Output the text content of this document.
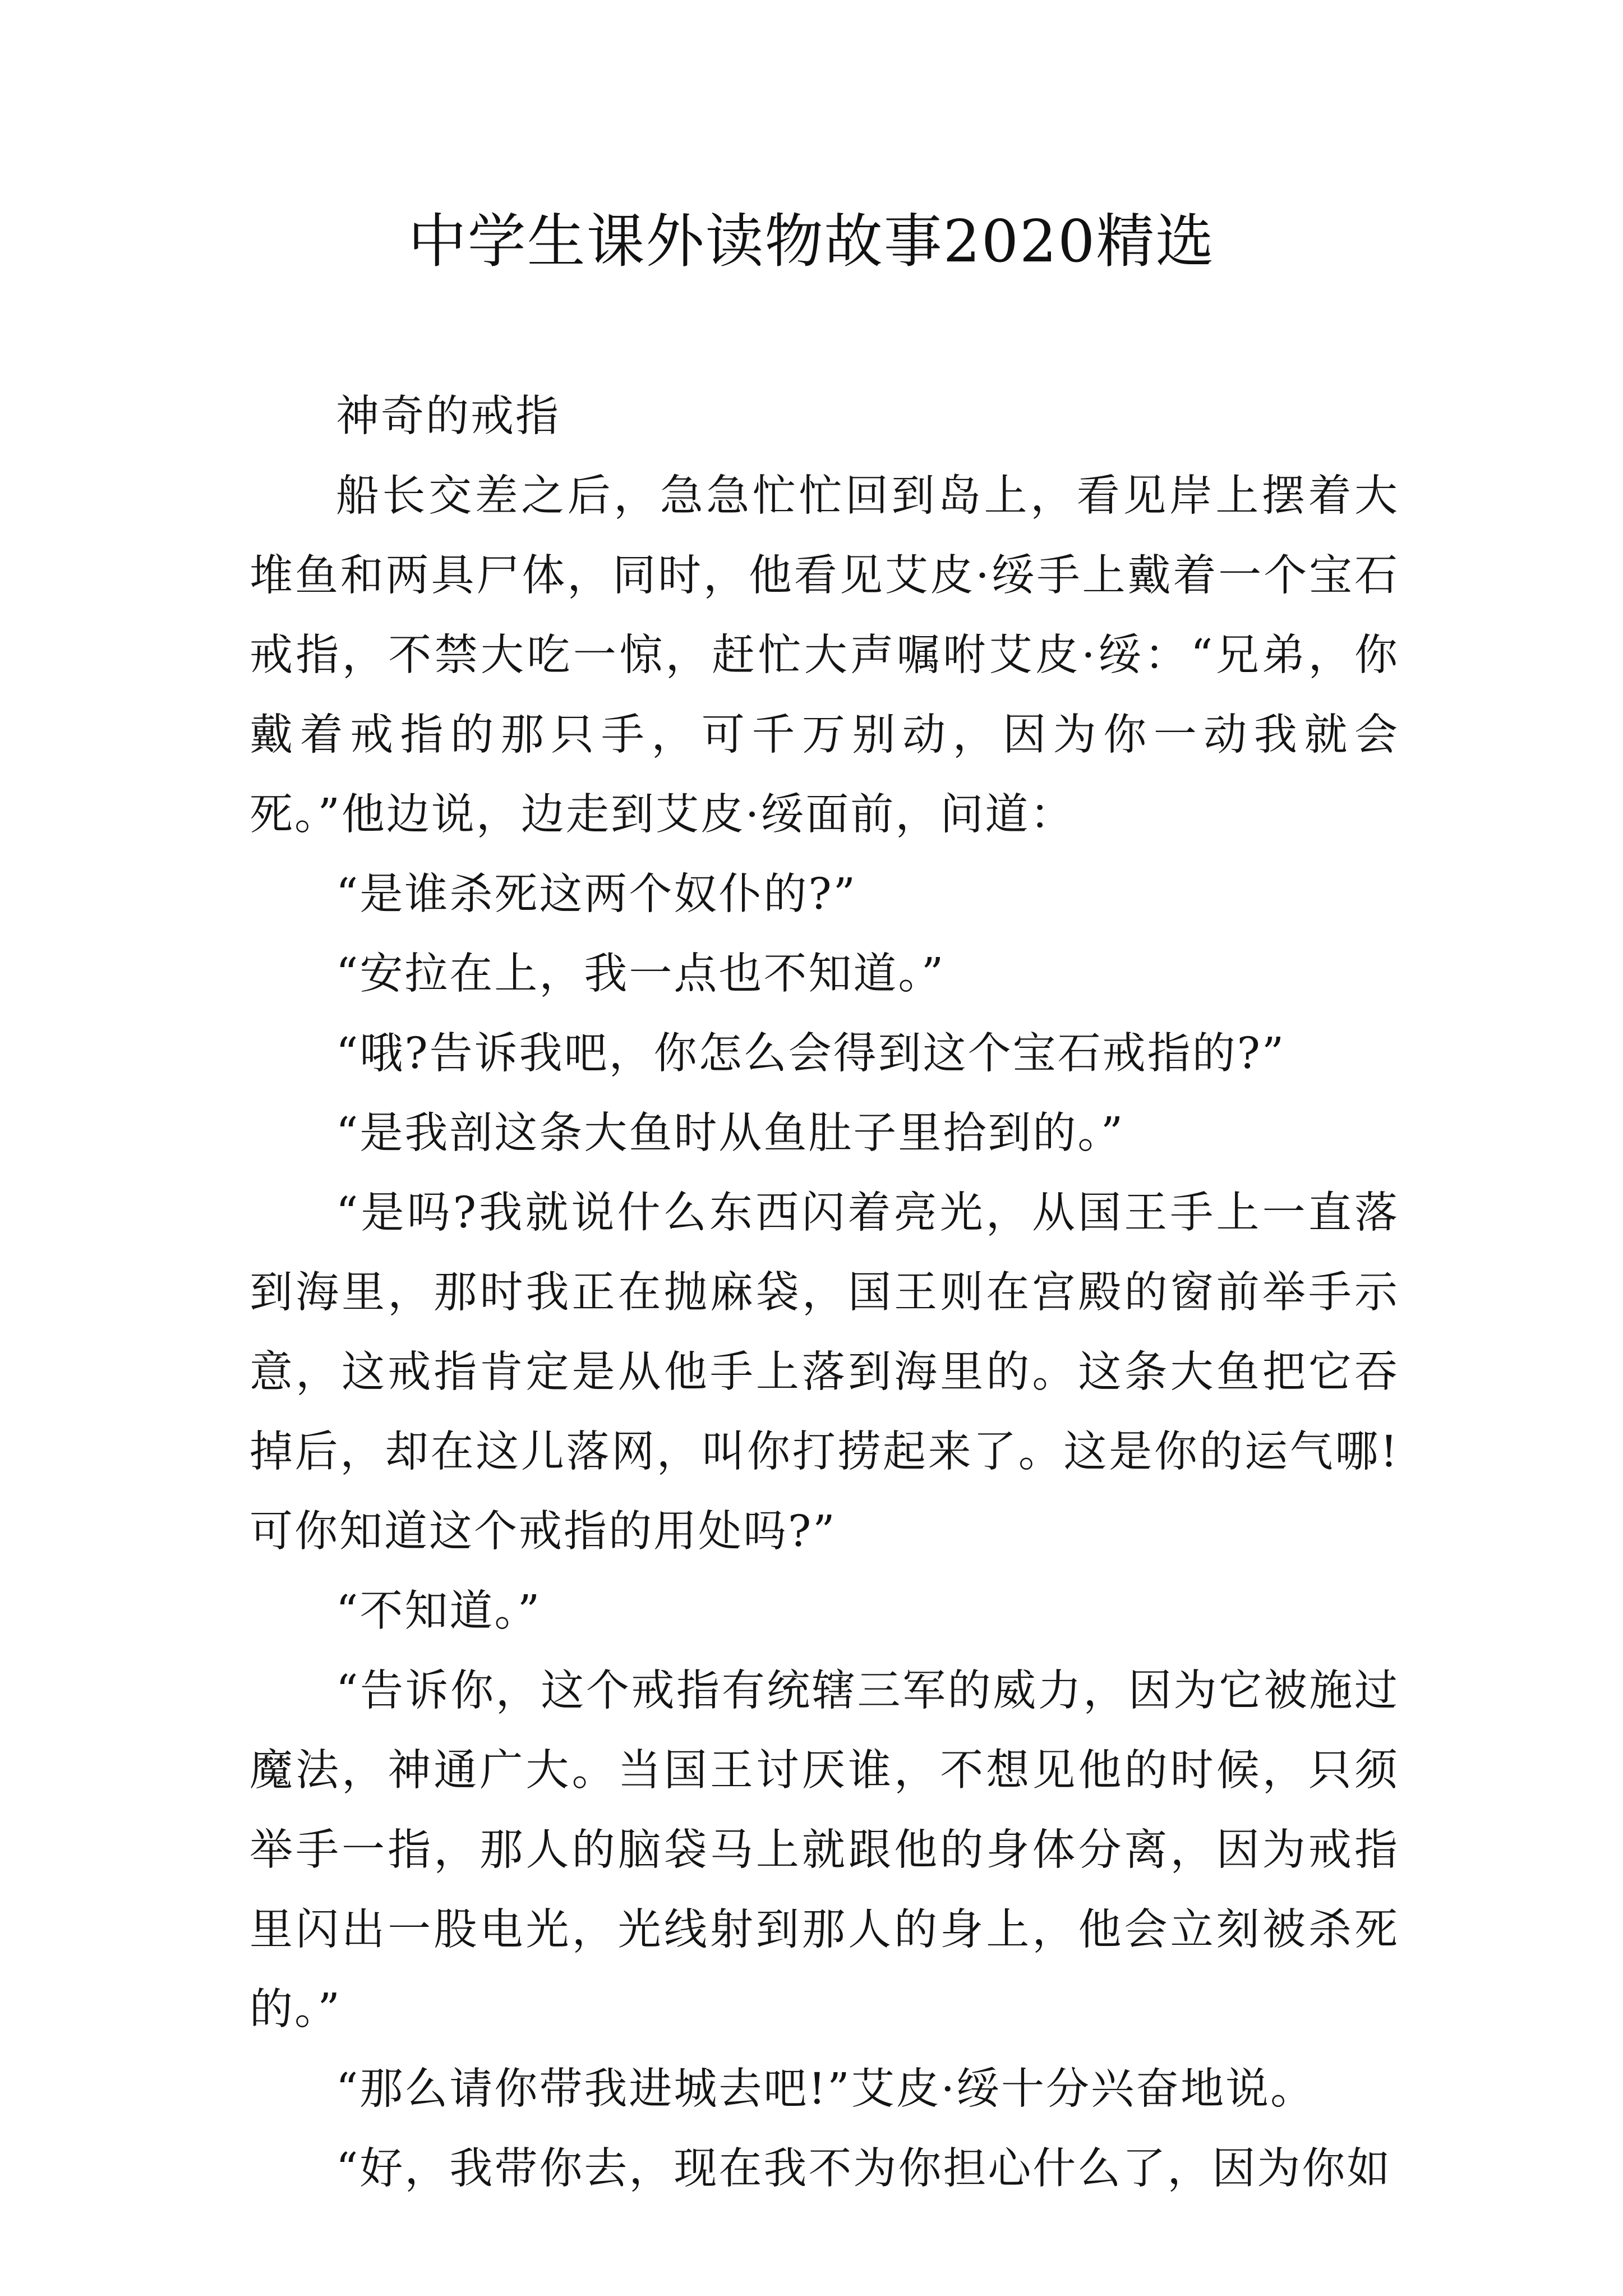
中学生课外读物故事2020精选

神奇的戒指

船长交差之后，急急忙忙回到岛上，看见岸上摆着大堆鱼和两具尸体，同时，他看见艾皮·绥手上戴着一个宝石戒指，不禁大吃一惊，赶忙大声嘱咐艾皮·绥：“兄弟，你戴着戒指的那只手，可千万别动，因为你一动我就会死。”他边说，边走到艾皮·绥面前，问道：

“是谁杀死这两个奴仆的?”

“安拉在上，我一点也不知道。”

“哦?告诉我吧，你怎么会得到这个宝石戒指的?”

“是我剖这条大鱼时从鱼肚子里拾到的。”

“是吗?我就说什么东西闪着亮光，从国王手上一直落到海里，那时我正在抛麻袋，国王则在宫殿的窗前举手示意，这戒指肯定是从他手上落到海里的。这条大鱼把它吞掉后，却在这儿落网，叫你打捞起来了。这是你的运气哪!可你知道这个戒指的用处吗?”

“不知道。”

“告诉你，这个戒指有统辖三军的威力，因为它被施过魔法，神通广大。当国王讨厌谁，不想见他的时候，只须举手一指，那人的脑袋马上就跟他的身体分离，因为戒指里闪出一股电光，光线射到那人的身上，他会立刻被杀死的。”

“那么请你带我进城去吧!”艾皮·绥十分兴奋地说。

“好，我带你去，现在我不为你担心什么了，因为你如
